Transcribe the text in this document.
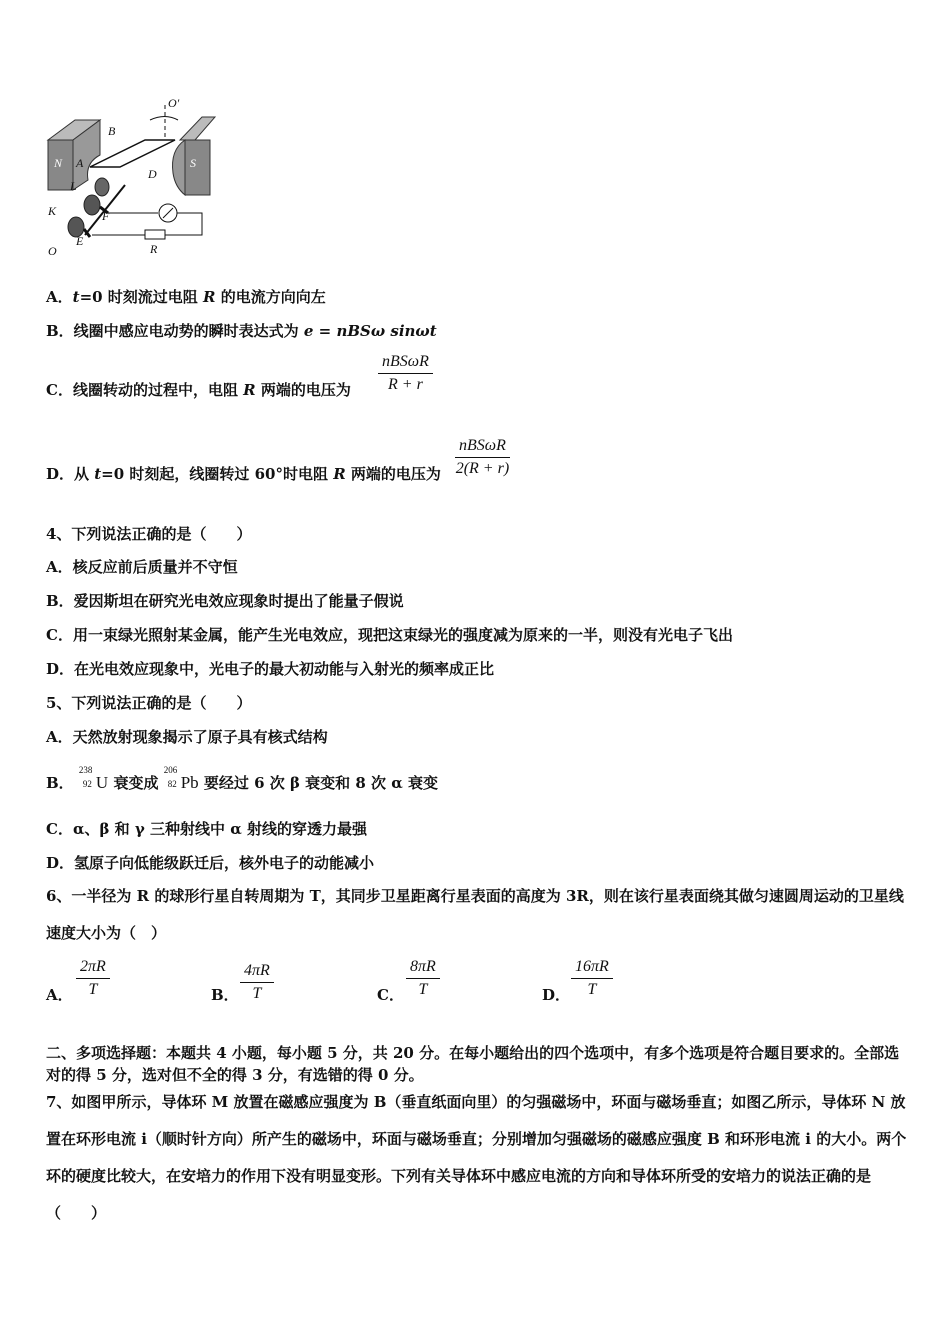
O′
B
N	S
A
D
L
K	F
E
O	R
A．t=0 时刻流过电阻 R 的电流方向向左
B．线圈中感应电动势的瞬时表达式为 e = nBSω sinωt
C．线圈转动的过程中，电阻 R 两端的电压为
nBSωR
R + r
D．从 t=0 时刻起，线圈转过 60°时电阻 R 两端的电压为
nBSωR
2(R + r)
4、下列说法正确的是（　　）
A．核反应前后质量并不守恒
B．爱因斯坦在研究光电效应现象时提出了能量子假说
C．用一束绿光照射某金属，能产生光电效应，现把这束绿光的强度减为原来的一半，则没有光电子飞出
D．在光电效应现象中，光电子的最大初动能与入射光的频率成正比
5、下列说法正确的是（　　）
A．天然放射现象揭示了原子具有核式结构
B．
238
92 U 衰变成
206
82 Pb 要经过 6 次 β 衰变和 8 次 α 衰变
C．α、β 和 γ 三种射线中 α 射线的穿透力最强
D．氢原子向低能级跃迁后，核外电子的动能减小
6、一半径为 R 的球形行星自转周期为 T，其同步卫星距离行星表面的高度为 3R，则在该行星表面绕其做匀速圆周运动的卫星线速度大小为（　）
A． $\frac{2\pi R}{T}$	B． $\frac{4\pi R}{T}$	C． $\frac{8\pi R}{T}$	D． $\frac{16\pi R}{T}$
二、多项选择题：本题共 4 小题，每小题 5 分，共 20 分。在每小题给出的四个选项中，有多个选项是符合题目要求的。全部选对的得 5 分，选对但不全的得 3 分，有选错的得 0 分。
7、如图甲所示，导体环 M 放置在磁感应强度为 B（垂直纸面向里）的匀强磁场中，环面与磁场垂直；如图乙所示，导体环 N 放置在环形电流 i（顺时针方向）所产生的磁场中，环面与磁场垂直；分别增加匀强磁场的磁感应强度 B 和环形电流 i 的大小。两个环的硬度比较大，在安培力的作用下没有明显变形。下列有关导体环中感应电流的方向和导体环所受的安培力的说法正确的是（　　）
